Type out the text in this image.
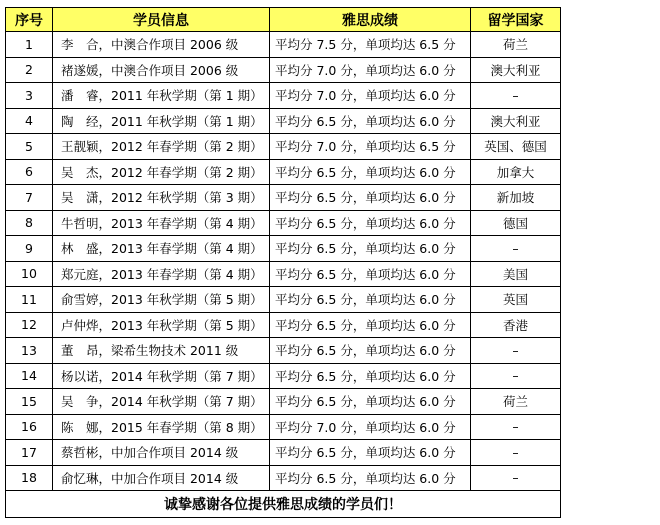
序号	学员信息	雅思成绩	留学国家
1	李　合，中澳合作项目 2006 级	平均分 7.5 分，单项均达 6.5 分	荷兰
2	褚遂媛，中澳合作项目 2006 级	平均分 7.0 分，单项均达 6.0 分	澳大利亚
3	潘　睿，2011 年秋学期（第 1 期）	平均分 7.0 分，单项均达 6.0 分	–
4	陶　经，2011 年秋学期（第 1 期）	平均分 6.5 分，单项均达 6.0 分	澳大利亚
5	王靓颖，2012 年春学期（第 2 期）	平均分 7.0 分，单项均达 6.5 分	英国、德国
6	吴　杰，2012 年春学期（第 2 期）	平均分 6.5 分，单项均达 6.0 分	加拿大
7	吴　潇，2012 年秋学期（第 3 期）	平均分 6.5 分，单项均达 6.0 分	新加坡
8	牛哲明，2013 年春学期（第 4 期）	平均分 6.5 分，单项均达 6.0 分	德国
9	林　盛，2013 年春学期（第 4 期）	平均分 6.5 分，单项均达 6.0 分	–
10	郑元庭，2013 年春学期（第 4 期）	平均分 6.5 分，单项均达 6.0 分	美国
11	俞雪婷，2013 年秋学期（第 5 期）	平均分 6.5 分，单项均达 6.0 分	英国
12	卢仲烨，2013 年秋学期（第 5 期）	平均分 6.5 分，单项均达 6.0 分	香港
13	董　昂，梁希生物技术 2011 级	平均分 6.5 分，单项均达 6.0 分	–
14	杨以诺，2014 年秋学期（第 7 期）	平均分 6.5 分，单项均达 6.0 分	–
15	吴　争，2014 年秋学期（第 7 期）	平均分 6.5 分，单项均达 6.0 分	荷兰
16	陈　娜，2015 年春学期（第 8 期）	平均分 7.0 分，单项均达 6.0 分	–
17	蔡哲彬，中加合作项目 2014 级	平均分 6.5 分，单项均达 6.0 分	–
18	俞忆琳，中加合作项目 2014 级	平均分 6.5 分，单项均达 6.0 分	–
诚挚感谢各位提供雅思成绩的学员们！			
